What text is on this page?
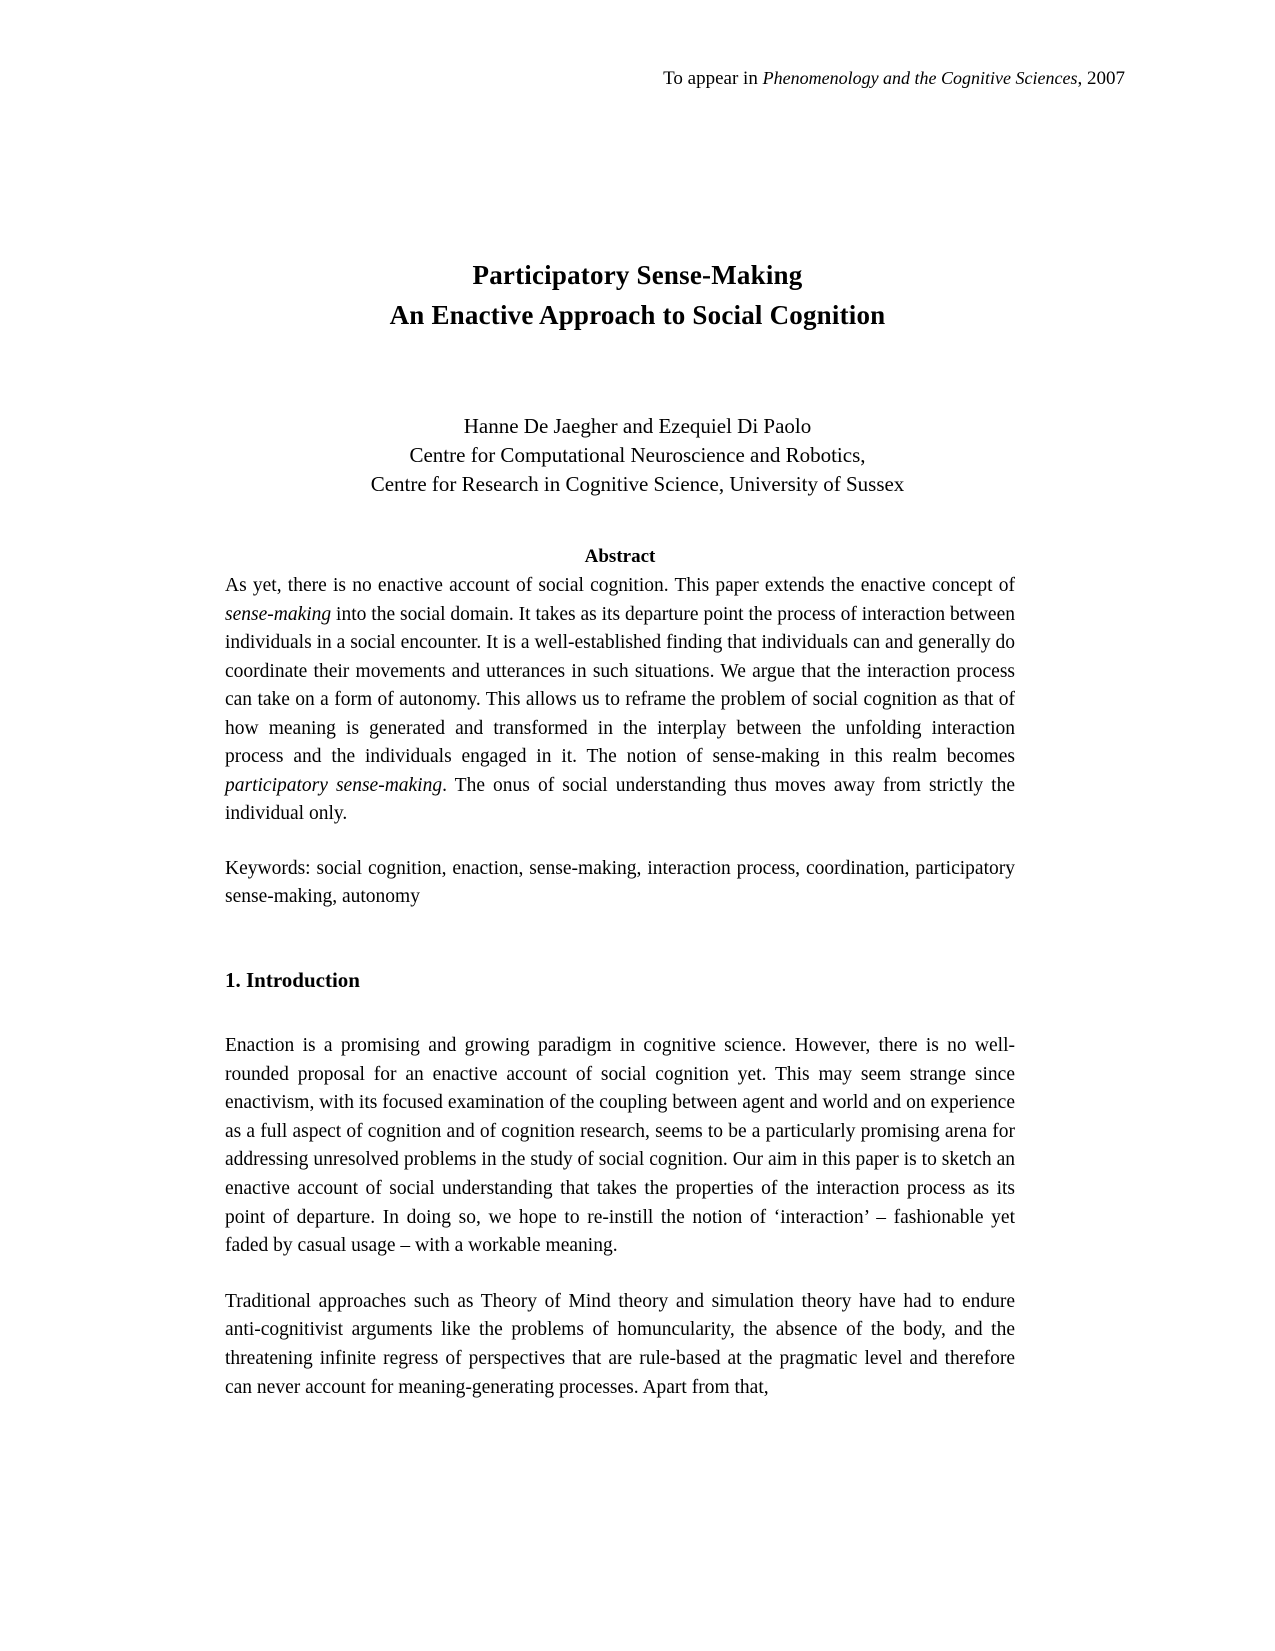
To appear in Phenomenology and the Cognitive Sciences, 2007
Participatory Sense-Making
An Enactive Approach to Social Cognition
Hanne De Jaegher and Ezequiel Di Paolo
Centre for Computational Neuroscience and Robotics,
Centre for Research in Cognitive Science, University of Sussex
Abstract
As yet, there is no enactive account of social cognition. This paper extends the enactive concept of sense-making into the social domain. It takes as its departure point the process of interaction between individuals in a social encounter. It is a well-established finding that individuals can and generally do coordinate their movements and utterances in such situations. We argue that the interaction process can take on a form of autonomy. This allows us to reframe the problem of social cognition as that of how meaning is generated and transformed in the interplay between the unfolding interaction process and the individuals engaged in it. The notion of sense-making in this realm becomes participatory sense-making. The onus of social understanding thus moves away from strictly the individual only.
Keywords: social cognition, enaction, sense-making, interaction process, coordination, participatory sense-making, autonomy
1. Introduction

Enaction is a promising and growing paradigm in cognitive science. However, there is no well-rounded proposal for an enactive account of social cognition yet. This may seem strange since enactivism, with its focused examination of the coupling between agent and world and on experience as a full aspect of cognition and of cognition research, seems to be a particularly promising arena for addressing unresolved problems in the study of social cognition. Our aim in this paper is to sketch an enactive account of social understanding that takes the properties of the interaction process as its point of departure. In doing so, we hope to re-instill the notion of ‘interaction’ – fashionable yet faded by casual usage – with a workable meaning.

Traditional approaches such as Theory of Mind theory and simulation theory have had to endure anti-cognitivist arguments like the problems of homuncularity, the absence of the body, and the threatening infinite regress of perspectives that are rule-based at the pragmatic level and therefore can never account for meaning-generating processes. Apart from that,
